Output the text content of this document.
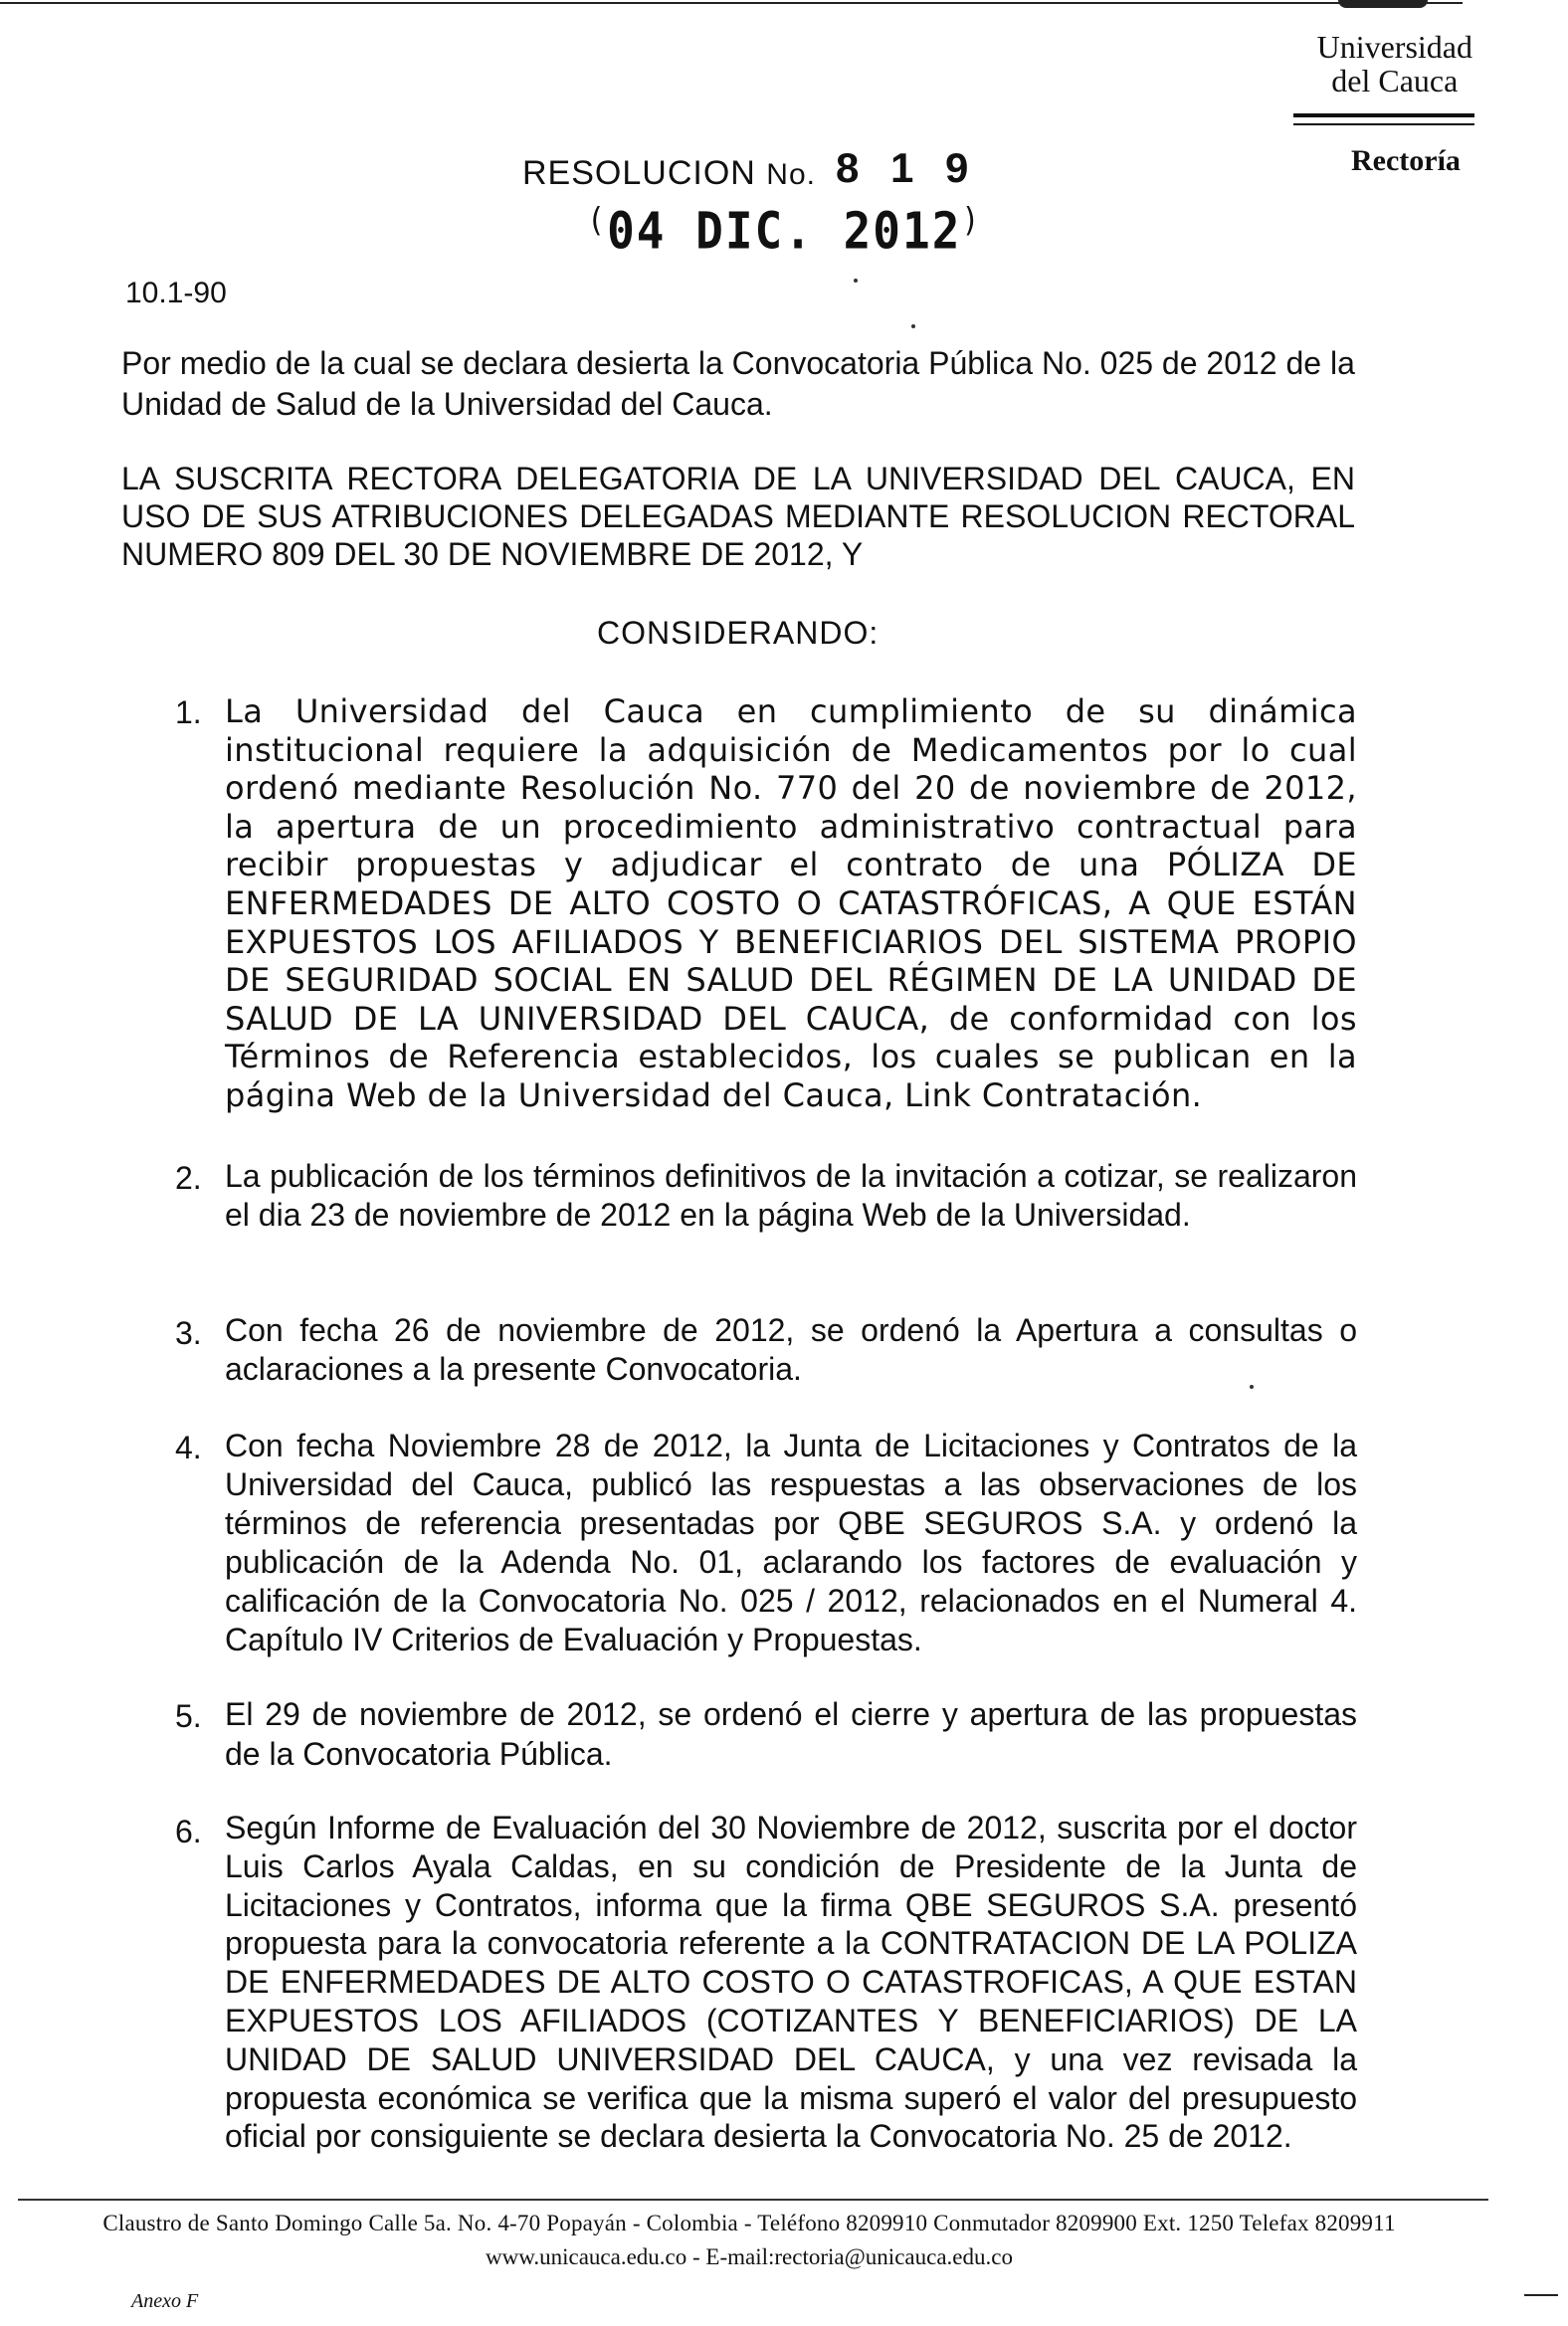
Universidad
del Cauca
Rectoría
RESOLUCION No. 8 1 9
(04 DIC. 2012)
10.1-90
Por medio de la cual se declara desierta la Convocatoria Pública No. 025 de 2012 de la Unidad de Salud de la Universidad del Cauca.
LA SUSCRITA RECTORA DELEGATORIA DE LA UNIVERSIDAD DEL CAUCA, EN USO DE SUS ATRIBUCIONES DELEGADAS MEDIANTE RESOLUCION RECTORAL NUMERO 809 DEL 30 DE NOVIEMBRE DE 2012, Y
CONSIDERANDO:
1. La Universidad del Cauca en cumplimiento de su dinámica institucional requiere la adquisición de Medicamentos por lo cual ordenó mediante Resolución No. 770 del 20 de noviembre de 2012, la apertura de un procedimiento administrativo contractual para recibir propuestas y adjudicar el contrato de una PÓLIZA DE ENFERMEDADES DE ALTO COSTO O CATASTRÓFICAS, A QUE ESTÁN EXPUESTOS LOS AFILIADOS Y BENEFICIARIOS DEL SISTEMA PROPIO DE SEGURIDAD SOCIAL EN SALUD DEL RÉGIMEN DE LA UNIDAD DE SALUD DE LA UNIVERSIDAD DEL CAUCA, de conformidad con los Términos de Referencia establecidos, los cuales se publican en la página Web de la Universidad del Cauca, Link Contratación.
2. La publicación de los términos definitivos de la invitación a cotizar, se realizaron el dia 23 de noviembre de 2012 en la página Web de la Universidad.
3. Con fecha 26 de noviembre de 2012, se ordenó la Apertura a consultas o aclaraciones a la presente Convocatoria.
4. Con fecha Noviembre 28 de 2012, la Junta de Licitaciones y Contratos de la Universidad del Cauca, publicó las respuestas a las observaciones de los términos de referencia presentadas por QBE SEGUROS S.A. y ordenó la publicación de la Adenda No. 01, aclarando los factores de evaluación y calificación de la Convocatoria No. 025 / 2012, relacionados en el Numeral 4. Capítulo IV Criterios de Evaluación y Propuestas.
5. El 29 de noviembre de 2012, se ordenó el cierre y apertura de las propuestas de la Convocatoria Pública.
6. Según Informe de Evaluación del 30 Noviembre de 2012, suscrita por el doctor Luis Carlos Ayala Caldas, en su condición de Presidente de la Junta de Licitaciones y Contratos, informa que la firma QBE SEGUROS S.A. presentó propuesta para la convocatoria referente a la CONTRATACION DE LA POLIZA DE ENFERMEDADES DE ALTO COSTO O CATASTROFICAS, A QUE ESTAN EXPUESTOS LOS AFILIADOS (COTIZANTES Y BENEFICIARIOS) DE LA UNIDAD DE SALUD UNIVERSIDAD DEL CAUCA, y una vez revisada la propuesta económica se verifica que la misma superó el valor del presupuesto oficial por consiguiente se declara desierta la Convocatoria No. 25 de 2012.
Claustro de Santo Domingo Calle 5a. No. 4-70 Popayán - Colombia - Teléfono 8209910 Conmutador 8209900 Ext. 1250 Telefax 8209911
www.unicauca.edu.co - E-mail:rectoria@unicauca.edu.co
Anexo F
